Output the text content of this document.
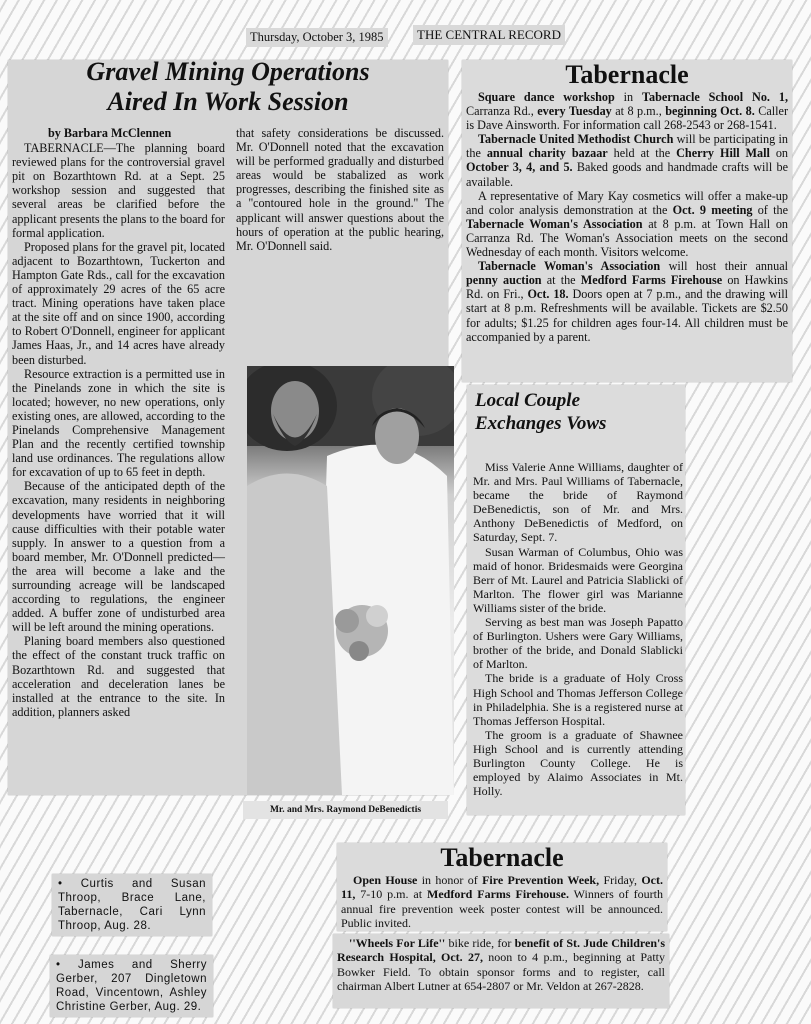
Thursday, October 3, 1985	THE CENTRAL RECORD
Gravel Mining Operations
Aired In Work Session

by Barbara McClennen

TABERNACLE—The planning board reviewed plans for the controversial gravel pit on Bozarthtown Rd. at a Sept. 25 workshop session and suggested that several areas be clarified before the applicant presents the plans to the board for formal application.

Proposed plans for the gravel pit, located adjacent to Bozarthtown, Tuckerton and Hampton Gate Rds., call for the excavation of approximately 29 acres of the 65 acre tract. Mining operations have taken place at the site off and on since 1900, according to Robert O'Donnell, engineer for applicant James Haas, Jr., and 14 acres have already been disturbed.

Resource extraction is a permitted use in the Pinelands zone in which the site is located; however, no new operations, only existing ones, are allowed, according to the Pinelands Comprehensive Management Plan and the recently certified township land use ordinances. The regulations allow for excavation of up to 65 feet in depth.

Because of the anticipated depth of the excavation, many residents in neighboring developments have worried that it will cause difficulties with their potable water supply. In answer to a question from a board member, Mr. O'Donnell predicted—the area will become a lake and the surrounding acreage will be landscaped according to regulations, the engineer added. A buffer zone of undisturbed area will be left around the mining operations.

Planing board members also questioned the effect of the constant truck traffic on Bozarthtown Rd. and suggested that acceleration and deceleration lanes be installed at the entrance to the site. In addition, planners asked

that safety considerations be discussed. Mr. O'Donnell noted that the excavation will be performed gradually and disturbed areas would be stabalized as work progresses, describing the finished site as a ''contoured hole in the ground.'' The applicant will answer questions about the hours of operation at the public hearing, Mr. O'Donnell said.

Tabernacle

Square dance workshop in Tabernacle School No. 1, Carranza Rd., every Tuesday at 8 p.m., beginning Oct. 8. Caller is Dave Ainsworth. For information call 268-2543 or 268-1541.

Tabernacle United Methodist Church will be participating in the annual charity bazaar held at the Cherry Hill Mall on October 3, 4, and 5. Baked goods and handmade crafts will be available.

A representative of Mary Kay cosmetics will offer a make-up and color analysis demonstration at the Oct. 9 meeting of the Tabernacle Woman's Association at 8 p.m. at Town Hall on Carranza Rd. The Woman's Association meets on the second Wednesday of each month. Visitors welcome.

Tabernacle Woman's Association will host their annual penny auction at the Medford Farms Firehouse on Hawkins Rd. on Fri., Oct. 18. Doors open at 7 p.m., and the drawing will start at 8 p.m. Refreshments will be available. Tickets are $2.50 for adults; $1.25 for children ages four-14. All children must be accompanied by a parent.

Mr. and Mrs. Raymond DeBenedictis
Local Couple
Exchanges Vows

Miss Valerie Anne Williams, daughter of Mr. and Mrs. Paul Williams of Tabernacle, became the bride of Raymond DeBenedictis, son of Mr. and Mrs. Anthony DeBenedictis of Medford, on Saturday, Sept. 7.

Susan Warman of Columbus, Ohio was maid of honor. Bridesmaids were Georgina Berr of Mt. Laurel and Patricia Slablicki of Marlton. The flower girl was Marianne Williams sister of the bride.

Serving as best man was Joseph Papatto of Burlington. Ushers were Gary Williams, brother of the bride, and Donald Slablicki of Marlton.

The bride is a graduate of Holy Cross High School and Thomas Jefferson College in Philadelphia. She is a registered nurse at Thomas Jefferson Hospital.

The groom is a graduate of Shawnee High School and is currently attending Burlington County College. He is employed by Alaimo Associates in Mt. Holly.

Tabernacle

Open House in honor of Fire Prevention Week, Friday, Oct. 11, 7-10 p.m. at Medford Farms Firehouse. Winners of fourth annual fire prevention week poster contest will be announced. Public invited.

''Wheels For Life'' bike ride, for benefit of St. Jude Children's Research Hospital, Oct. 27, noon to 4 p.m., beginning at Patty Bowker Field. To obtain sponsor forms and to register, call chairman Albert Lutner at 654-2807 or Mr. Veldon at 267-2828.

• Curtis and Susan Throop, Brace Lane, Tabernacle, Cari Lynn Throop, Aug. 28.

• James and Sherry Gerber, 207 Dingletown Road, Vincentown, Ashley Christine Gerber, Aug. 29.
